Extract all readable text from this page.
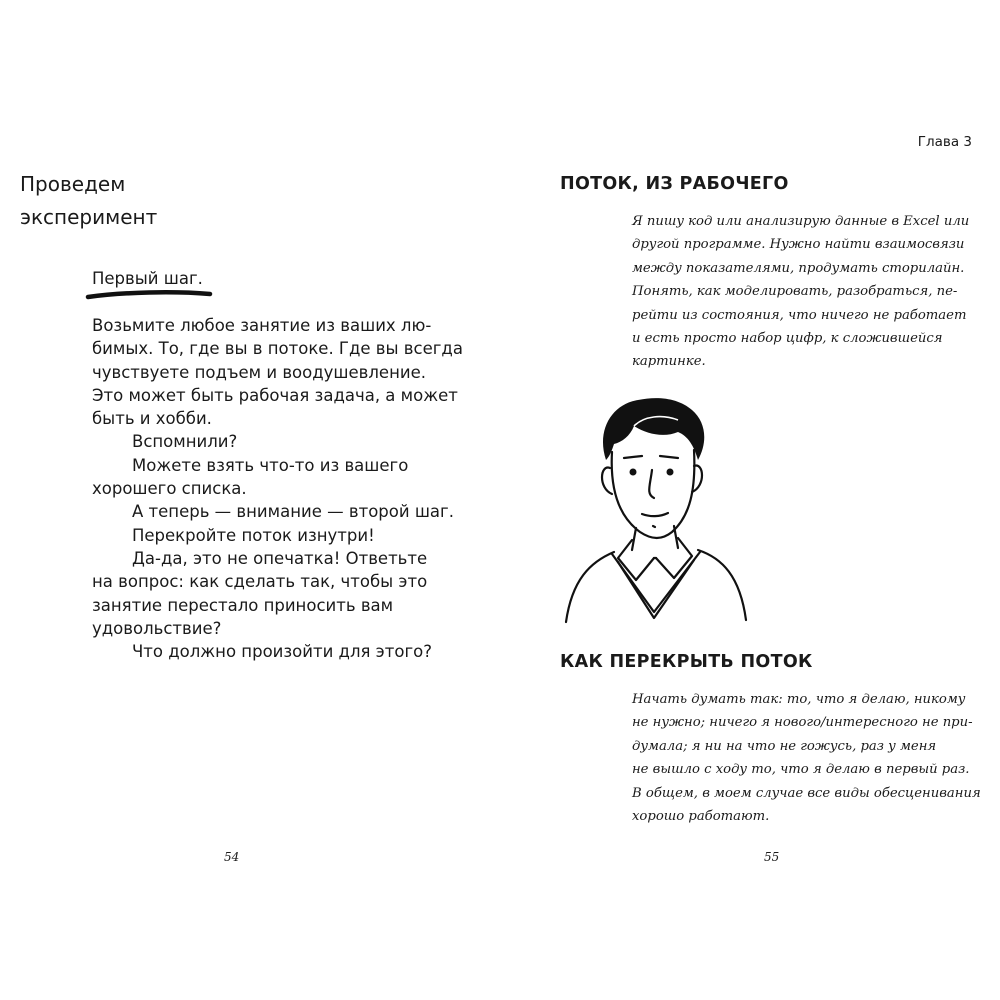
Проведем
эксперимент
Первый шаг.
Возьмите любое занятие из ваших лю-
бимых. То, где вы в потоке. Где вы всегда
чувствуете подъем и воодушевление.
Это может быть рабочая задача, а может
быть и хобби.
Вспомнили?
Можете взять что-то из вашего
хорошего списка.
А теперь — внимание — второй шаг.
Перекройте поток изнутри!
Да-да, это не опечатка! Ответьте
на вопрос: как сделать так, чтобы это
занятие перестало приносить вам
удовольствие?
Что должно произойти для этого?
54
Глава 3
ПОТОК, ИЗ РАБОЧЕГО
Я пишу код или анализирую данные в Excel или
другой программе. Нужно найти взаимосвязи
между показателями, продумать сторилайн.
Понять, как моделировать, разобраться, пе-
рейти из состояния, что ничего не работает
и есть просто набор цифр, к сложившейся
картинке.
КАК ПЕРЕКРЫТЬ ПОТОК
Начать думать так: то, что я делаю, никому
не нужно; ничего я нового/интересного не при-
думала; я ни на что не гожусь, раз у меня
не вышло с ходу то, что я делаю в первый раз.
В общем, в моем случае все виды обесценивания
хорошо работают.
55
